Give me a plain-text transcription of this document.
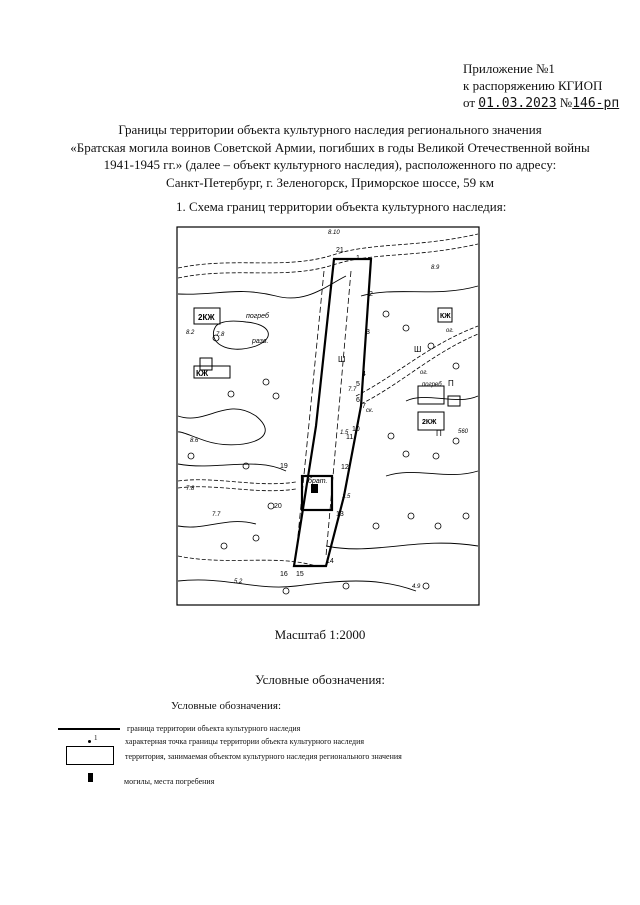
Приложение №1
к распоряжению КГИОП
от 01.03.2023 №146-рп
Границы территории объекта культурного наследия регионального значения
«Братская могила воинов Советской Армии, погибших в годы Великой Отечественной войны
1941-1945 гг.» (далее – объект культурного наследия), расположенного по адресу:
Санкт-Петербург, г. Зеленогорск, Приморское шоссе, 59 км
1. Схема границ территории объекта культурного наследия:
2КЖ
КЖ
2КЖ
КЖ
погреб
погреб
разв.
брат.
ог.
ог.
8.10
8.2
8.9
7.8
8.6
7.7
7.7
5.2
4.9
560
7.8
21
1
2
3
4
5
6
7
10
11
12
13
14
15
16
19
20
Ш
Ш
П
П
1.5
1.5
ск.
Масштаб 1:2000
Условные обозначения:
Условные обозначения:
граница территории объекта культурного наследия
1	характерная точка границы территории объекта культурного наследия
территория, занимаемая объектом культурного наследия регионального значения
могилы, места погребения
